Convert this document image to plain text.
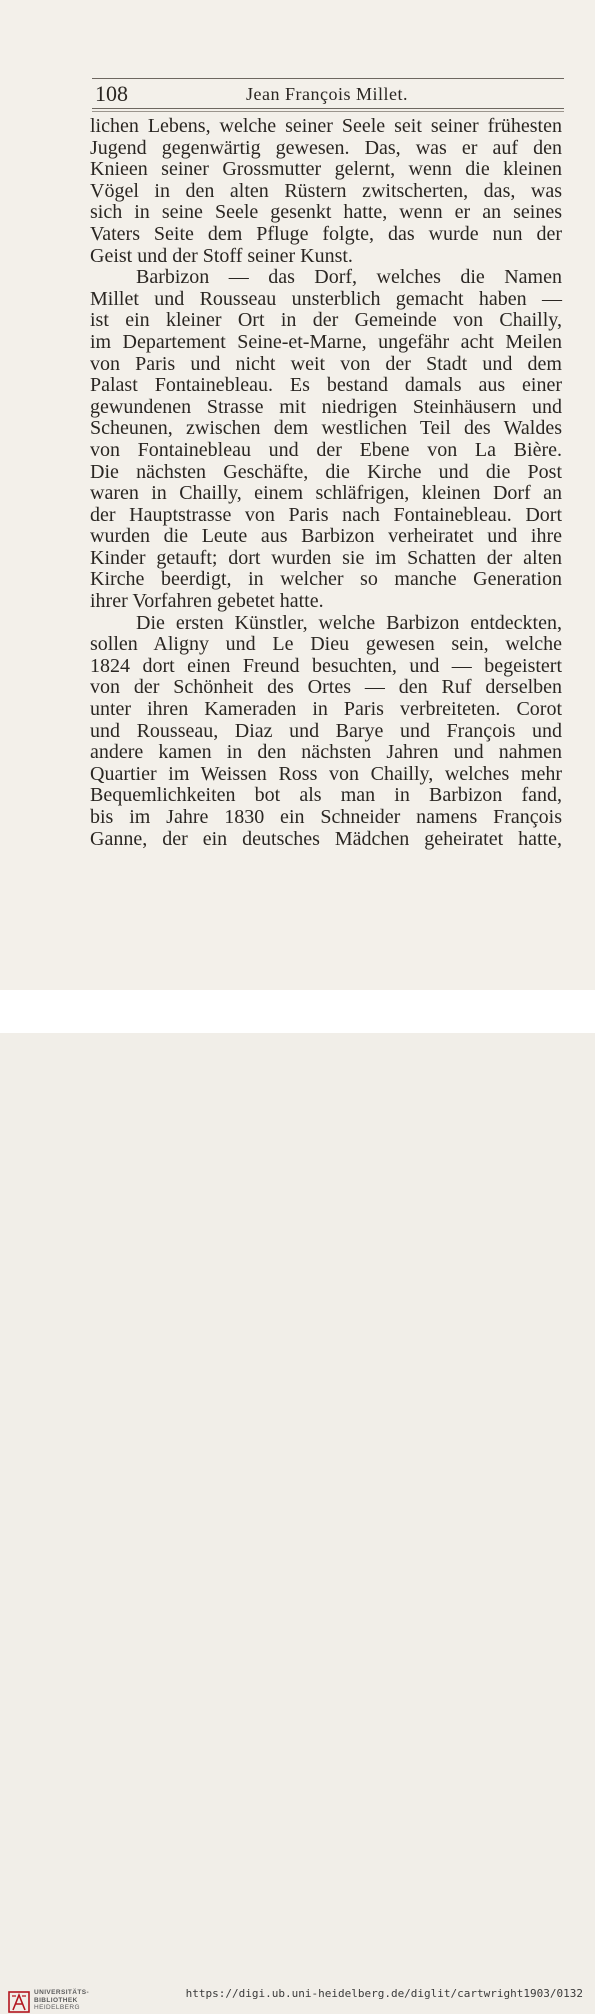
108	Jean François Millet.
lichen Lebens, welche seiner Seele seit seiner frühesten
Jugend gegenwärtig gewesen. Das, was er auf den
Knieen seiner Grossmutter gelernt, wenn die kleinen
Vögel in den alten Rüstern zwitscherten, das, was
sich in seine Seele gesenkt hatte, wenn er an seines
Vaters Seite dem Pfluge folgte, das wurde nun der
Geist und der Stoff seiner Kunst.
Barbizon — das Dorf, welches die Namen
Millet und Rousseau unsterblich gemacht haben —
ist ein kleiner Ort in der Gemeinde von Chailly,
im Departement Seine-et-Marne, ungefähr acht Meilen
von Paris und nicht weit von der Stadt und dem
Palast Fontainebleau. Es bestand damals aus einer
gewundenen Strasse mit niedrigen Steinhäusern und
Scheunen, zwischen dem westlichen Teil des Waldes
von Fontainebleau und der Ebene von La Bière.
Die nächsten Geschäfte, die Kirche und die Post
waren in Chailly, einem schläfrigen, kleinen Dorf an
der Hauptstrasse von Paris nach Fontainebleau. Dort
wurden die Leute aus Barbizon verheiratet und ihre
Kinder getauft; dort wurden sie im Schatten der alten
Kirche beerdigt, in welcher so manche Generation
ihrer Vorfahren gebetet hatte.
Die ersten Künstler, welche Barbizon entdeckten,
sollen Aligny und Le Dieu gewesen sein, welche
1824 dort einen Freund besuchten, und — begeistert
von der Schönheit des Ortes — den Ruf derselben
unter ihren Kameraden in Paris verbreiteten. Corot
und Rousseau, Diaz und Barye und François und
andere kamen in den nächsten Jahren und nahmen
Quartier im Weissen Ross von Chailly, welches mehr
Bequemlichkeiten bot als man in Barbizon fand,
bis im Jahre 1830 ein Schneider namens François
Ganne, der ein deutsches Mädchen geheiratet hatte,
UNIVERSITÄTS-
BIBLIOTHEK
HEIDELBERG
https://digi.ub.uni-heidelberg.de/diglit/cartwright1903/0132
